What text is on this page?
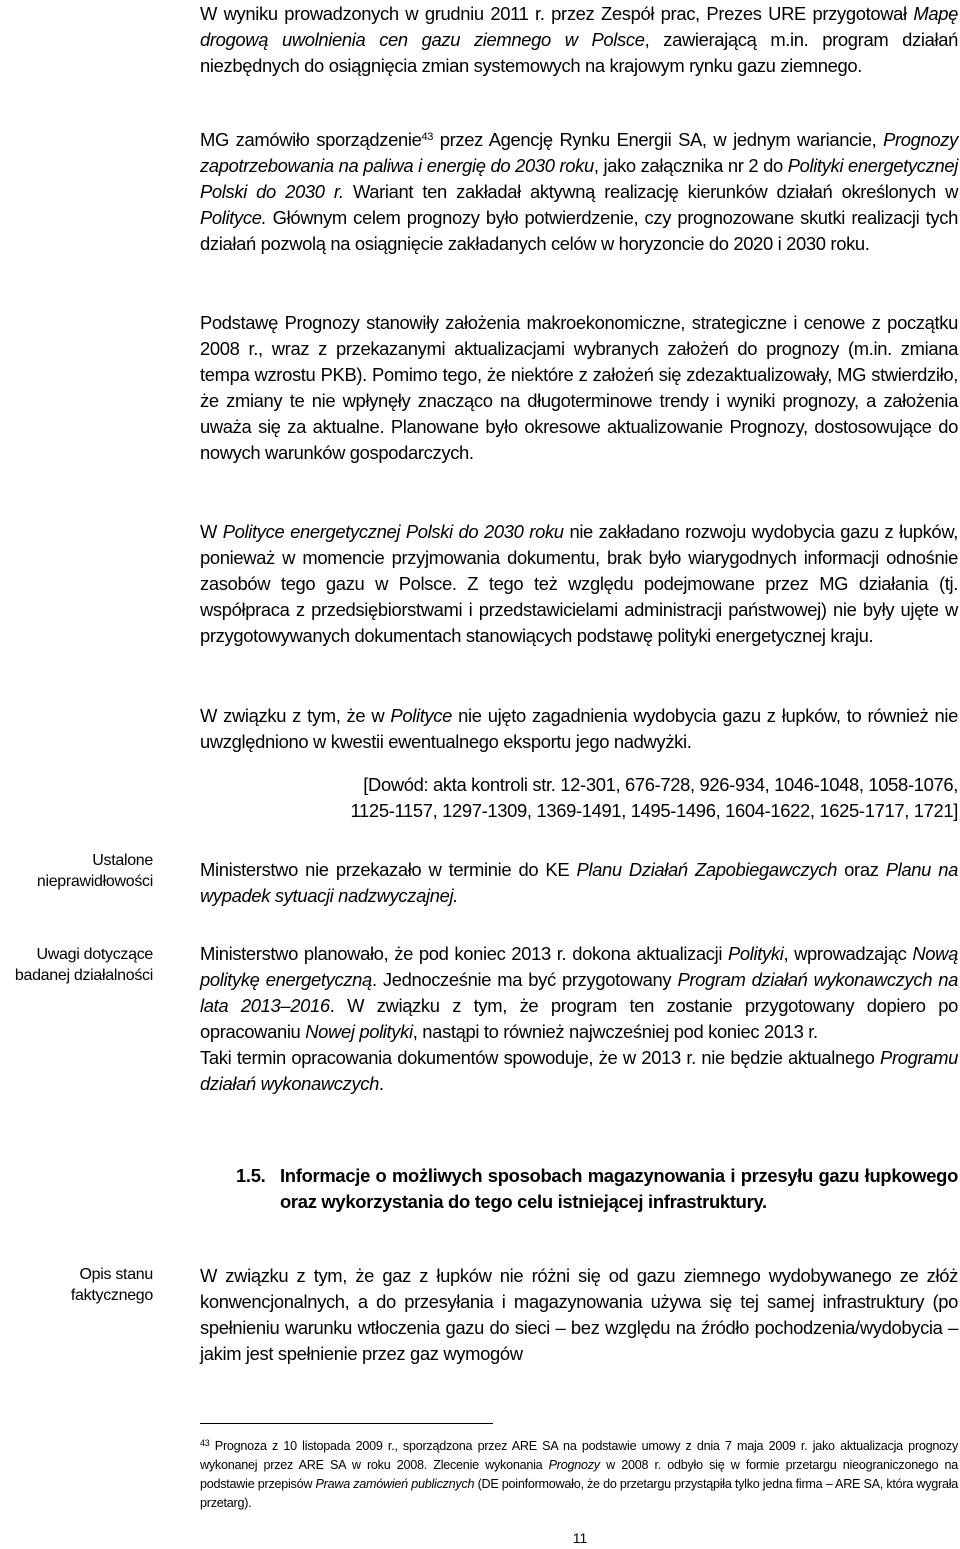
W wyniku prowadzonych w grudniu 2011 r. przez Zespół prac, Prezes URE przygotował Mapę drogową uwolnienia cen gazu ziemnego w Polsce, zawierającą m.in. program działań niezbędnych do osiągnięcia zmian systemowych na krajowym rynku gazu ziemnego.

MG zamówiło sporządzenie$^{43}$ przez Agencję Rynku Energii SA, w jednym wariancie, Prognozy zapotrzebowania na paliwa i energię do 2030 roku, jako załącznika nr 2 do Polityki energetycznej Polski do 2030 r. Wariant ten zakładał aktywną realizację kierunków działań określonych w Polityce. Głównym celem prognozy było potwierdzenie, czy prognozowane skutki realizacji tych działań pozwolą na osiągnięcie zakładanych celów w horyzoncie do 2020 i 2030 roku.

Podstawę Prognozy stanowiły założenia makroekonomiczne, strategiczne i cenowe z początku 2008 r., wraz z przekazanymi aktualizacjami wybranych założeń do prognozy (m.in. zmiana tempa wzrostu PKB). Pomimo tego, że niektóre z założeń się zdezaktualizowały, MG stwierdziło, że zmiany te nie wpłynęły znacząco na długoterminowe trendy i wyniki prognozy, a założenia uważa się za aktualne. Planowane było okresowe aktualizowanie Prognozy, dostosowujące do nowych warunków gospodarczych.

W Polityce energetycznej Polski do 2030 roku nie zakładano rozwoju wydobycia gazu z łupków, ponieważ w momencie przyjmowania dokumentu, brak było wiarygodnych informacji odnośnie zasobów tego gazu w Polsce. Z tego też względu podejmowane przez MG działania (tj. współpraca z przedsiębiorstwami i przedstawicielami administracji państwowej) nie były ujęte w przygotowywanych dokumentach stanowiących podstawę polityki energetycznej kraju.

W związku z tym, że w Polityce nie ujęto zagadnienia wydobycia gazu z łupków, to również nie uwzględniono w kwestii ewentualnego eksportu jego nadwyżki.

[Dowód: akta kontroli str. 12-301, 676-728, 926-934, 1046-1048, 1058-1076,
1125-1157, 1297-1309, 1369-1491, 1495-1496, 1604-1622, 1625-1717, 1721]
Ustalone nieprawidłowości
Uwagi dotyczące badanej działalności

Ministerstwo nie przekazało w terminie do KE Planu Działań Zapobiegawczych oraz Planu na wypadek sytuacji nadzwyczajnej.

Ministerstwo planowało, że pod koniec 2013 r. dokona aktualizacji Polityki, wprowadzając Nową politykę energetyczną. Jednocześnie ma być przygotowany Program działań wykonawczych na lata 2013–2016. W związku z tym, że program ten zostanie przygotowany dopiero po opracowaniu Nowej polityki, nastąpi to również najwcześniej pod koniec 2013 r.

Taki termin opracowania dokumentów spowoduje, że w 2013 r. nie będzie aktualnego Programu działań wykonawczych.

1.5. Informacje o możliwych sposobach magazynowania i przesyłu gazu łupkowego oraz wykorzystania do tego celu istniejącej infrastruktury.
Opis stanu faktycznego

W związku z tym, że gaz z łupków nie różni się od gazu ziemnego wydobywanego ze złóż konwencjonalnych, a do przesyłania i magazynowania używa się tej samej infrastruktury (po spełnieniu warunku wtłoczenia gazu do sieci – bez względu na źródło pochodzenia/wydobycia – jakim jest spełnienie przez gaz wymogów

$^{43}$ Prognoza z 10 listopada 2009 r., sporządzona przez ARE SA na podstawie umowy z dnia 7 maja 2009 r. jako aktualizacja prognozy wykonanej przez ARE SA w roku 2008. Zlecenie wykonania Prognozy w 2008 r. odbyło się w formie przetargu nieograniczonego na podstawie przepisów Prawa zamówień publicznych (DE poinformowało, że do przetargu przystąpiła tylko jedna firma – ARE SA, która wygrała przetarg).
11
